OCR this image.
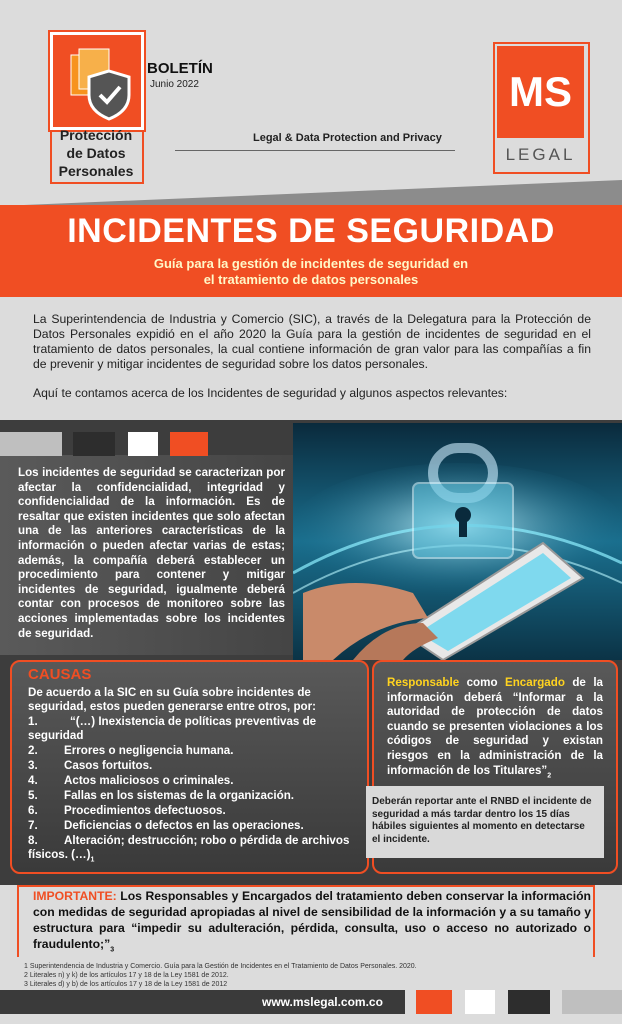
Protección
de Datos
Personales
BOLETÍN
Junio 2022
Legal & Data Protection and Privacy
MS
LEGAL
INCIDENTES DE SEGURIDAD
Guía para la gestión de incidentes de seguridad en
el tratamiento de datos personales
La Superintendencia de Industria y Comercio (SIC), a través de la Delegatura para la Protección de Datos Personales expidió en el año 2020 la Guía para la gestión de incidentes de seguridad en el tratamiento de datos personales, la cual contiene información de gran valor para las compañías a fin de prevenir y mitigar incidentes de seguridad sobre los datos personales.
Aquí te contamos acerca de los Incidentes de seguridad y algunos aspectos relevantes:
Los incidentes de seguridad se caracterizan por afectar la confidencialidad, integridad y confidencialidad de la información. Es de resaltar que existen incidentes que solo afectan una de las anteriores características de la información o pueden afectar varias de estas; además, la compañía deberá establecer un procedimiento para contener y mitigar incidentes de seguridad, igualmente deberá contar con procesos de monitoreo sobre las acciones implementadas sobre los incidentes de seguridad.
CAUSAS
De acuerdo a la SIC en su Guía sobre incidentes de seguridad, estos pueden generarse entre otros, por:
1.	“(…) Inexistencia de políticas preventivas de seguridad
2. Errores o negligencia humana.
3. Casos fortuitos.
4. Actos maliciosos o criminales.
5. Fallas en los sistemas de la organización.
6. Procedimientos defectuosos.
7. Deficiencias o defectos en las operaciones.
8. Alteración; destrucción; robo o pérdida de archivos físicos. $(\dots)_1$
Responsable como Encargado de la información deberá “Informar a la autoridad de protección de datos cuando se presenten violaciones a los códigos de seguridad y existan riesgos en la administración de la información de los $Titulares”_2$
Deberán reportar ante el RNBD el incidente de seguridad a más tardar dentro los 15 días hábiles siguientes al momento en detectarse el incidente.
IMPORTANTE: Los Responsables y Encargados del tratamiento deben conservar la información con medidas de seguridad apropiadas al nivel de sensibilidad de la información y a su tamaño y estructura para “impedir su adulteración, pérdida, consulta, uso o acceso no autorizado o $fraudulento;”_3$
1 Superintendencia de Industria y Comercio. Guía para la Gestión de Incidentes en el Tratamiento de Datos Personales. 2020.
2 Literales n) y k) de los artículos 17 y 18 de la Ley 1581 de 2012.
3 Literales d) y b) de los artículos 17 y 18 de la Ley 1581 de 2012
www.mslegal.com.co
